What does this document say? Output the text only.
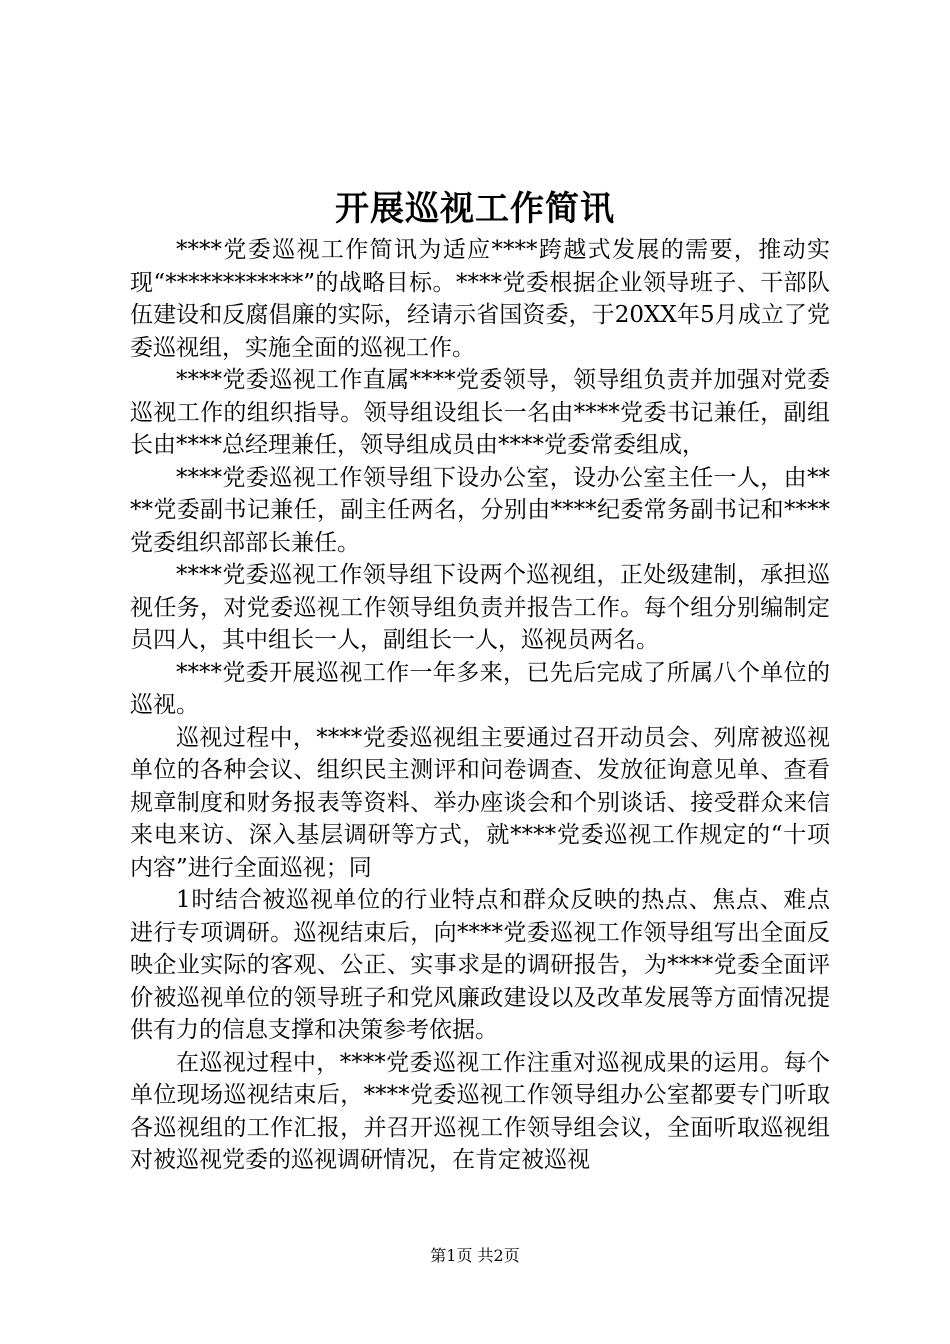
开展巡视工作简讯

****党委巡视工作简讯为适应****跨越式发展的需要，推动实现“************”的战略目标。****党委根据企业领导班子、干部队伍建设和反腐倡廉的实际，经请示省国资委，于20XX年5月成立了党委巡视组，实施全面的巡视工作。

****党委巡视工作直属****党委领导，领导组负责并加强对党委巡视工作的组织指导。领导组设组长一名由****党委书记兼任，副组长由****总经理兼任，领导组成员由****党委常委组成，

****党委巡视工作领导组下设办公室，设办公室主任一人，由****党委副书记兼任，副主任两名，分别由****纪委常务副书记和****党委组织部部长兼任。

****党委巡视工作领导组下设两个巡视组，正处级建制，承担巡视任务，对党委巡视工作领导组负责并报告工作。每个组分别编制定员四人，其中组长一人，副组长一人，巡视员两名。

****党委开展巡视工作一年多来，已先后完成了所属八个单位的巡视。

巡视过程中，****党委巡视组主要通过召开动员会、列席被巡视单位的各种会议、组织民主测评和问卷调查、发放征询意见单、查看规章制度和财务报表等资料、举办座谈会和个别谈话、接受群众来信来电来访、深入基层调研等方式，就****党委巡视工作规定的“十项内容”进行全面巡视；同

1时结合被巡视单位的行业特点和群众反映的热点、焦点、难点进行专项调研。巡视结束后，向****党委巡视工作领导组写出全面反映企业实际的客观、公正、实事求是的调研报告，为****党委全面评价被巡视单位的领导班子和党风廉政建设以及改革发展等方面情况提供有力的信息支撑和决策参考依据。

在巡视过程中，****党委巡视工作注重对巡视成果的运用。每个单位现场巡视结束后，****党委巡视工作领导组办公室都要专门听取各巡视组的工作汇报，并召开巡视工作领导组会议，全面听取巡视组对被巡视党委的巡视调研情况，在肯定被巡视

第1页 共2页
